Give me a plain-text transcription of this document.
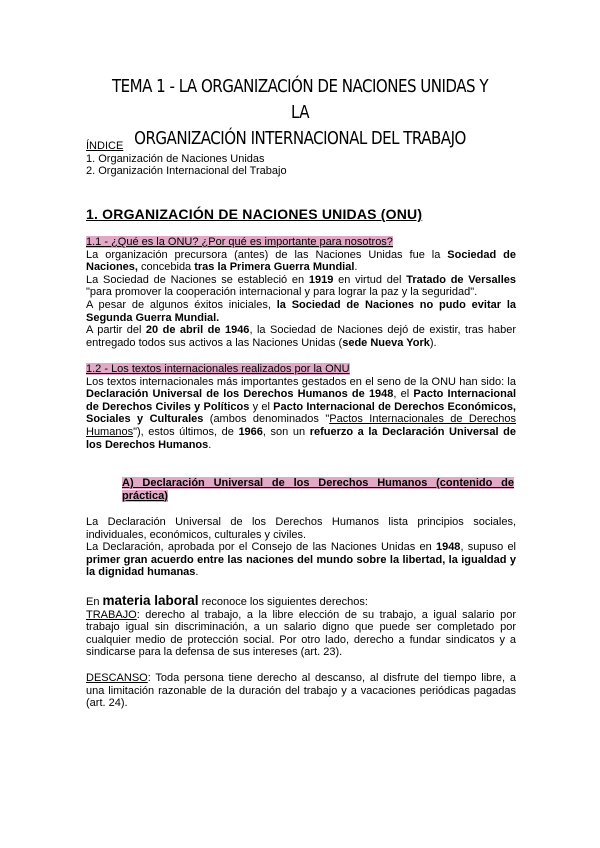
TEMA 1 - LA ORGANIZACIÓN DE NACIONES UNIDAS Y LA
ORGANIZACIÓN INTERNACIONAL DEL TRABAJO
ÍNDICE
1. Organización de Naciones Unidas
2. Organización Internacional del Trabajo
1. ORGANIZACIÓN DE NACIONES UNIDAS (ONU)
1.1 - ¿Qué es la ONU? ¿Por qué es importante para nosotros?

La organización precursora (antes) de las Naciones Unidas fue la Sociedad de Naciones, concebida tras la Primera Guerra Mundial.

La Sociedad de Naciones se estableció en 1919 en virtud del Tratado de Versalles "para promover la cooperación internacional y para lograr la paz y la seguridad".

A pesar de algunos éxitos iniciales, la Sociedad de Naciones no pudo evitar la Segunda Guerra Mundial.

A partir del 20 de abril de 1946, la Sociedad de Naciones dejó de existir, tras haber entregado todos sus activos a las Naciones Unidas (sede Nueva York).

1.2 - Los textos internacionales realizados por la ONU

Los textos internacionales más importantes gestados en el seno de la ONU han sido: la Declaración Universal de los Derechos Humanos de 1948, el Pacto Internacional de Derechos Civiles y Políticos y el Pacto Internacional de Derechos Económicos, Sociales y Culturales (ambos denominados "Pactos Internacionales de Derechos Humanos"), estos últimos, de 1966, son un refuerzo a la Declaración Universal de los Derechos Humanos.

A) Declaración Universal de los Derechos Humanos (contenido de práctica)

La Declaración Universal de los Derechos Humanos lista principios sociales, individuales, económicos, culturales y civiles.

La Declaración, aprobada por el Consejo de las Naciones Unidas en 1948, supuso el primer gran acuerdo entre las naciones del mundo sobre la libertad, la igualdad y la dignidad humanas.

En materia laboral reconoce los siguientes derechos:

TRABAJO: derecho al trabajo, a la libre elección de su trabajo, a igual salario por trabajo igual sin discriminación, a un salario digno que puede ser completado por cualquier medio de protección social. Por otro lado, derecho a fundar sindicatos y a sindicarse para la defensa de sus intereses (art. 23).

DESCANSO: Toda persona tiene derecho al descanso, al disfrute del tiempo libre, a una limitación razonable de la duración del trabajo y a vacaciones periódicas pagadas (art. 24).
